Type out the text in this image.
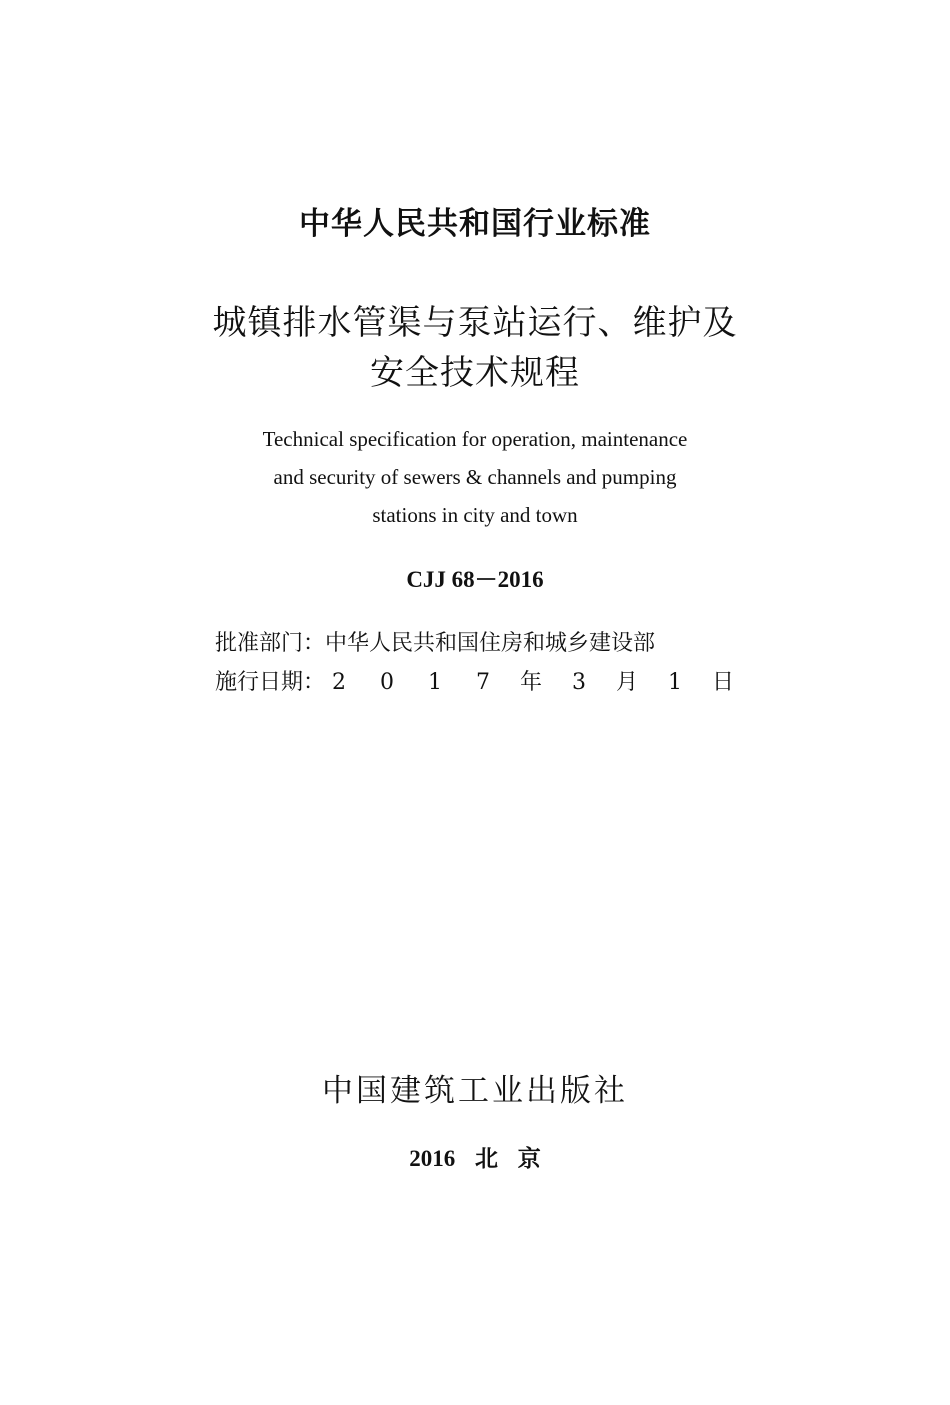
中华人民共和国行业标准
城镇排水管渠与泵站运行、维护及
安全技术规程
Technical specification for operation, maintenance
and security of sewers & channels and pumping
stations in city and town
CJJ 68－2016
批准部门：中华人民共和国住房和城乡建设部
施行日期： 2 0 1 7 年 3 月 1 日
中国建筑工业出版社
2016 北 京
